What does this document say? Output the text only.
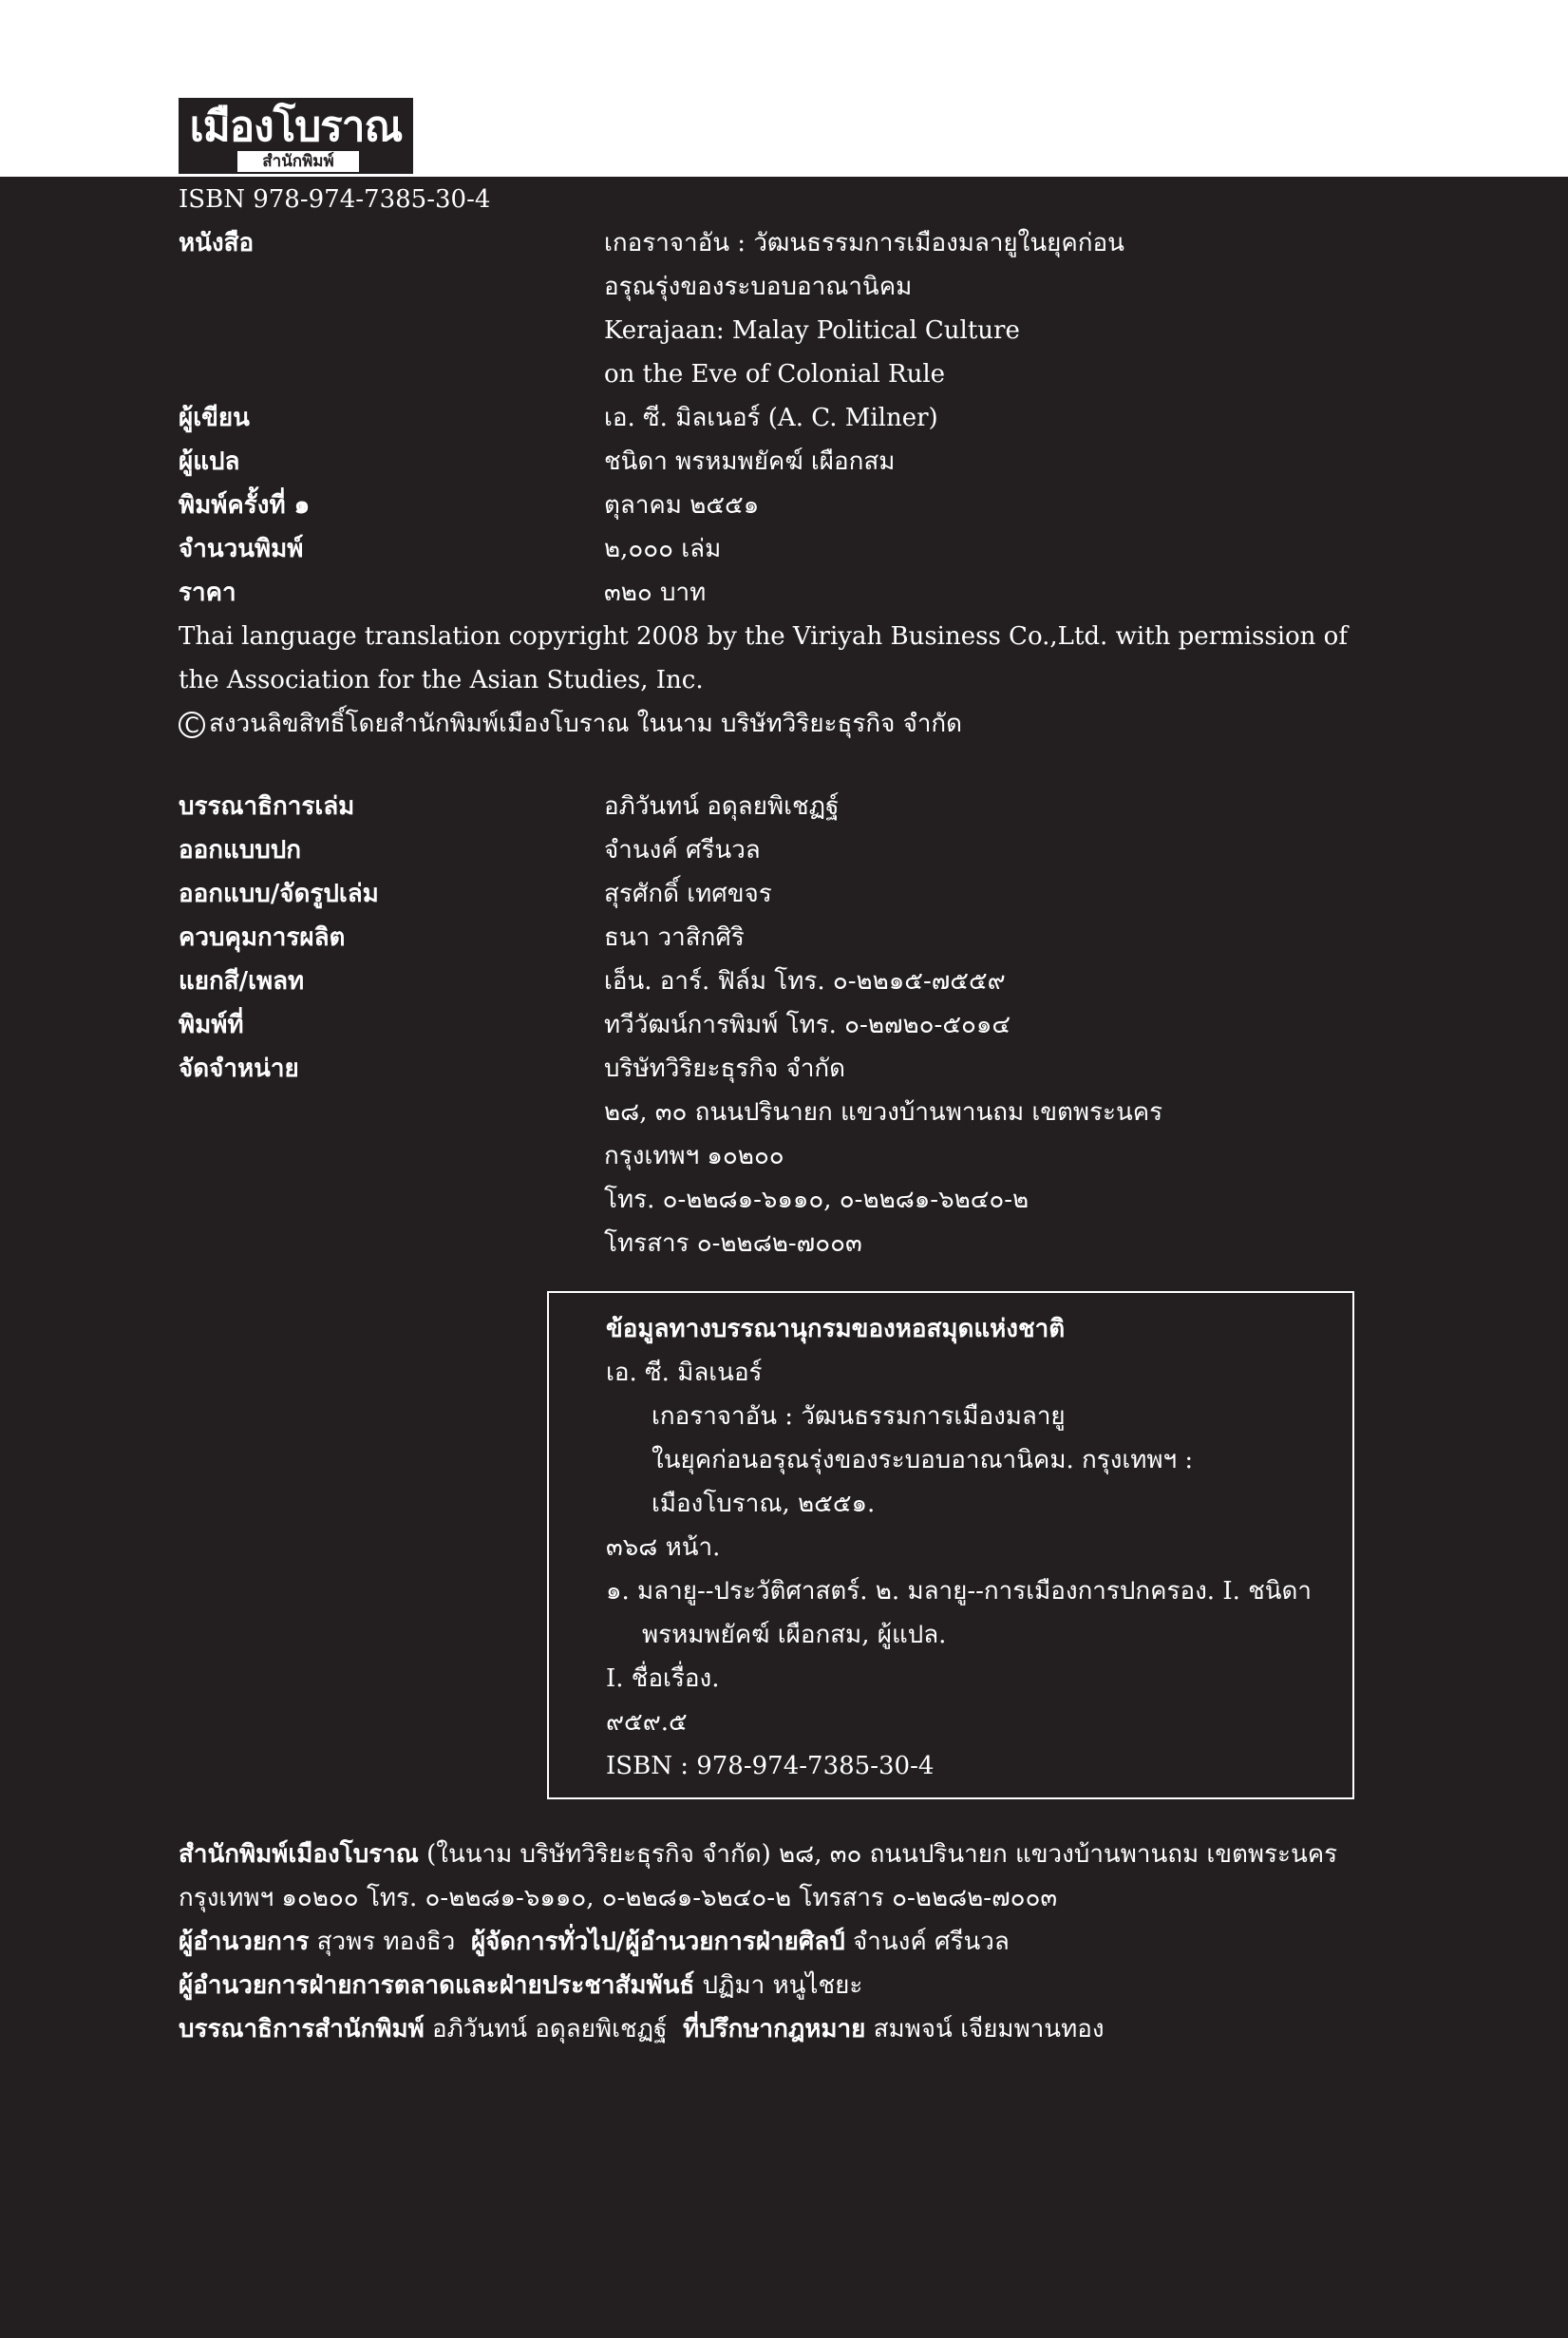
เมืองโบราณ
สำนักพิมพ์
ISBN 978-974-7385-30-4
หนังสือ	เกอราจาอัน : วัฒนธรรมการเมืองมลายูในยุคก่อน
อรุณรุ่งของระบอบอาณานิคม
Kerajaan: Malay Political Culture
on the Eve of Colonial Rule
ผู้เขียน	เอ. ซี. มิลเนอร์ (A. C. Milner)
ผู้แปล	ชนิดา พรหมพยัคฆ์ เผือกสม
พิมพ์ครั้งที่ ๑	ตุลาคม ๒๕๕๑
จำนวนพิมพ์	๒,๐๐๐ เล่ม
ราคา	๓๒๐ บาท
Thai language translation copyright 2008 by the Viriyah Business Co.,Ltd. with permission of
the Association for the Asian Studies, Inc.
C สงวนลิขสิทธิ์โดยสำนักพิมพ์เมืองโบราณ ในนาม บริษัทวิริยะธุรกิจ จำกัด
บรรณาธิการเล่ม	อภิวันทน์ อดุลยพิเชฏฐ์
ออกแบบปก	จำนงค์ ศรีนวล
ออกแบบ/จัดรูปเล่ม	สุรศักดิ์ เทศขจร
ควบคุมการผลิต	ธนา วาสิกศิริ
แยกสี/เพลท	เอ็น. อาร์. ฟิล์ม โทร. ๐-๒๒๑๕-๗๕๕๙
พิมพ์ที่	ทวีวัฒน์การพิมพ์ โทร. ๐-๒๗๒๐-๕๐๑๔
จัดจำหน่าย	บริษัทวิริยะธุรกิจ จำกัด
๒๘, ๓๐ ถนนปรินายก แขวงบ้านพานถม เขตพระนคร
กรุงเทพฯ ๑๐๒๐๐
โทร. ๐-๒๒๘๑-๖๑๑๐, ๐-๒๒๘๑-๖๒๔๐-๒
โทรสาร ๐-๒๒๘๒-๗๐๐๓
ข้อมูลทางบรรณานุกรมของหอสมุดแห่งชาติ
เอ. ซี. มิลเนอร์
เกอราจาอัน : วัฒนธรรมการเมืองมลายู
ในยุคก่อนอรุณรุ่งของระบอบอาณานิคม. กรุงเทพฯ :
เมืองโบราณ, ๒๕๕๑.
๓๖๘ หน้า.
๑. มลายู--ประวัติศาสตร์. ๒. มลายู--การเมืองการปกครอง. I. ชนิดา
พรหมพยัคฆ์ เผือกสม, ผู้แปล.
I. ชื่อเรื่อง.
๙๕๙.๕
ISBN : 978-974-7385-30-4
สำนักพิมพ์เมืองโบราณ (ในนาม บริษัทวิริยะธุรกิจ จำกัด) ๒๘, ๓๐ ถนนปรินายก แขวงบ้านพานถม เขตพระนคร
กรุงเทพฯ ๑๐๒๐๐ โทร. ๐-๒๒๘๑-๖๑๑๐, ๐-๒๒๘๑-๖๒๔๐-๒ โทรสาร ๐-๒๒๘๒-๗๐๐๓
ผู้อำนวยการ สุวพร ทองธิว  ผู้จัดการทั่วไป/ผู้อำนวยการฝ่ายศิลป์ จำนงค์ ศรีนวล
ผู้อำนวยการฝ่ายการตลาดและฝ่ายประชาสัมพันธ์ ปฏิมา หนูไชยะ
บรรณาธิการสำนักพิมพ์ อภิวันทน์ อดุลยพิเชฏฐ์  ที่ปรึกษากฎหมาย สมพจน์ เจียมพานทอง
